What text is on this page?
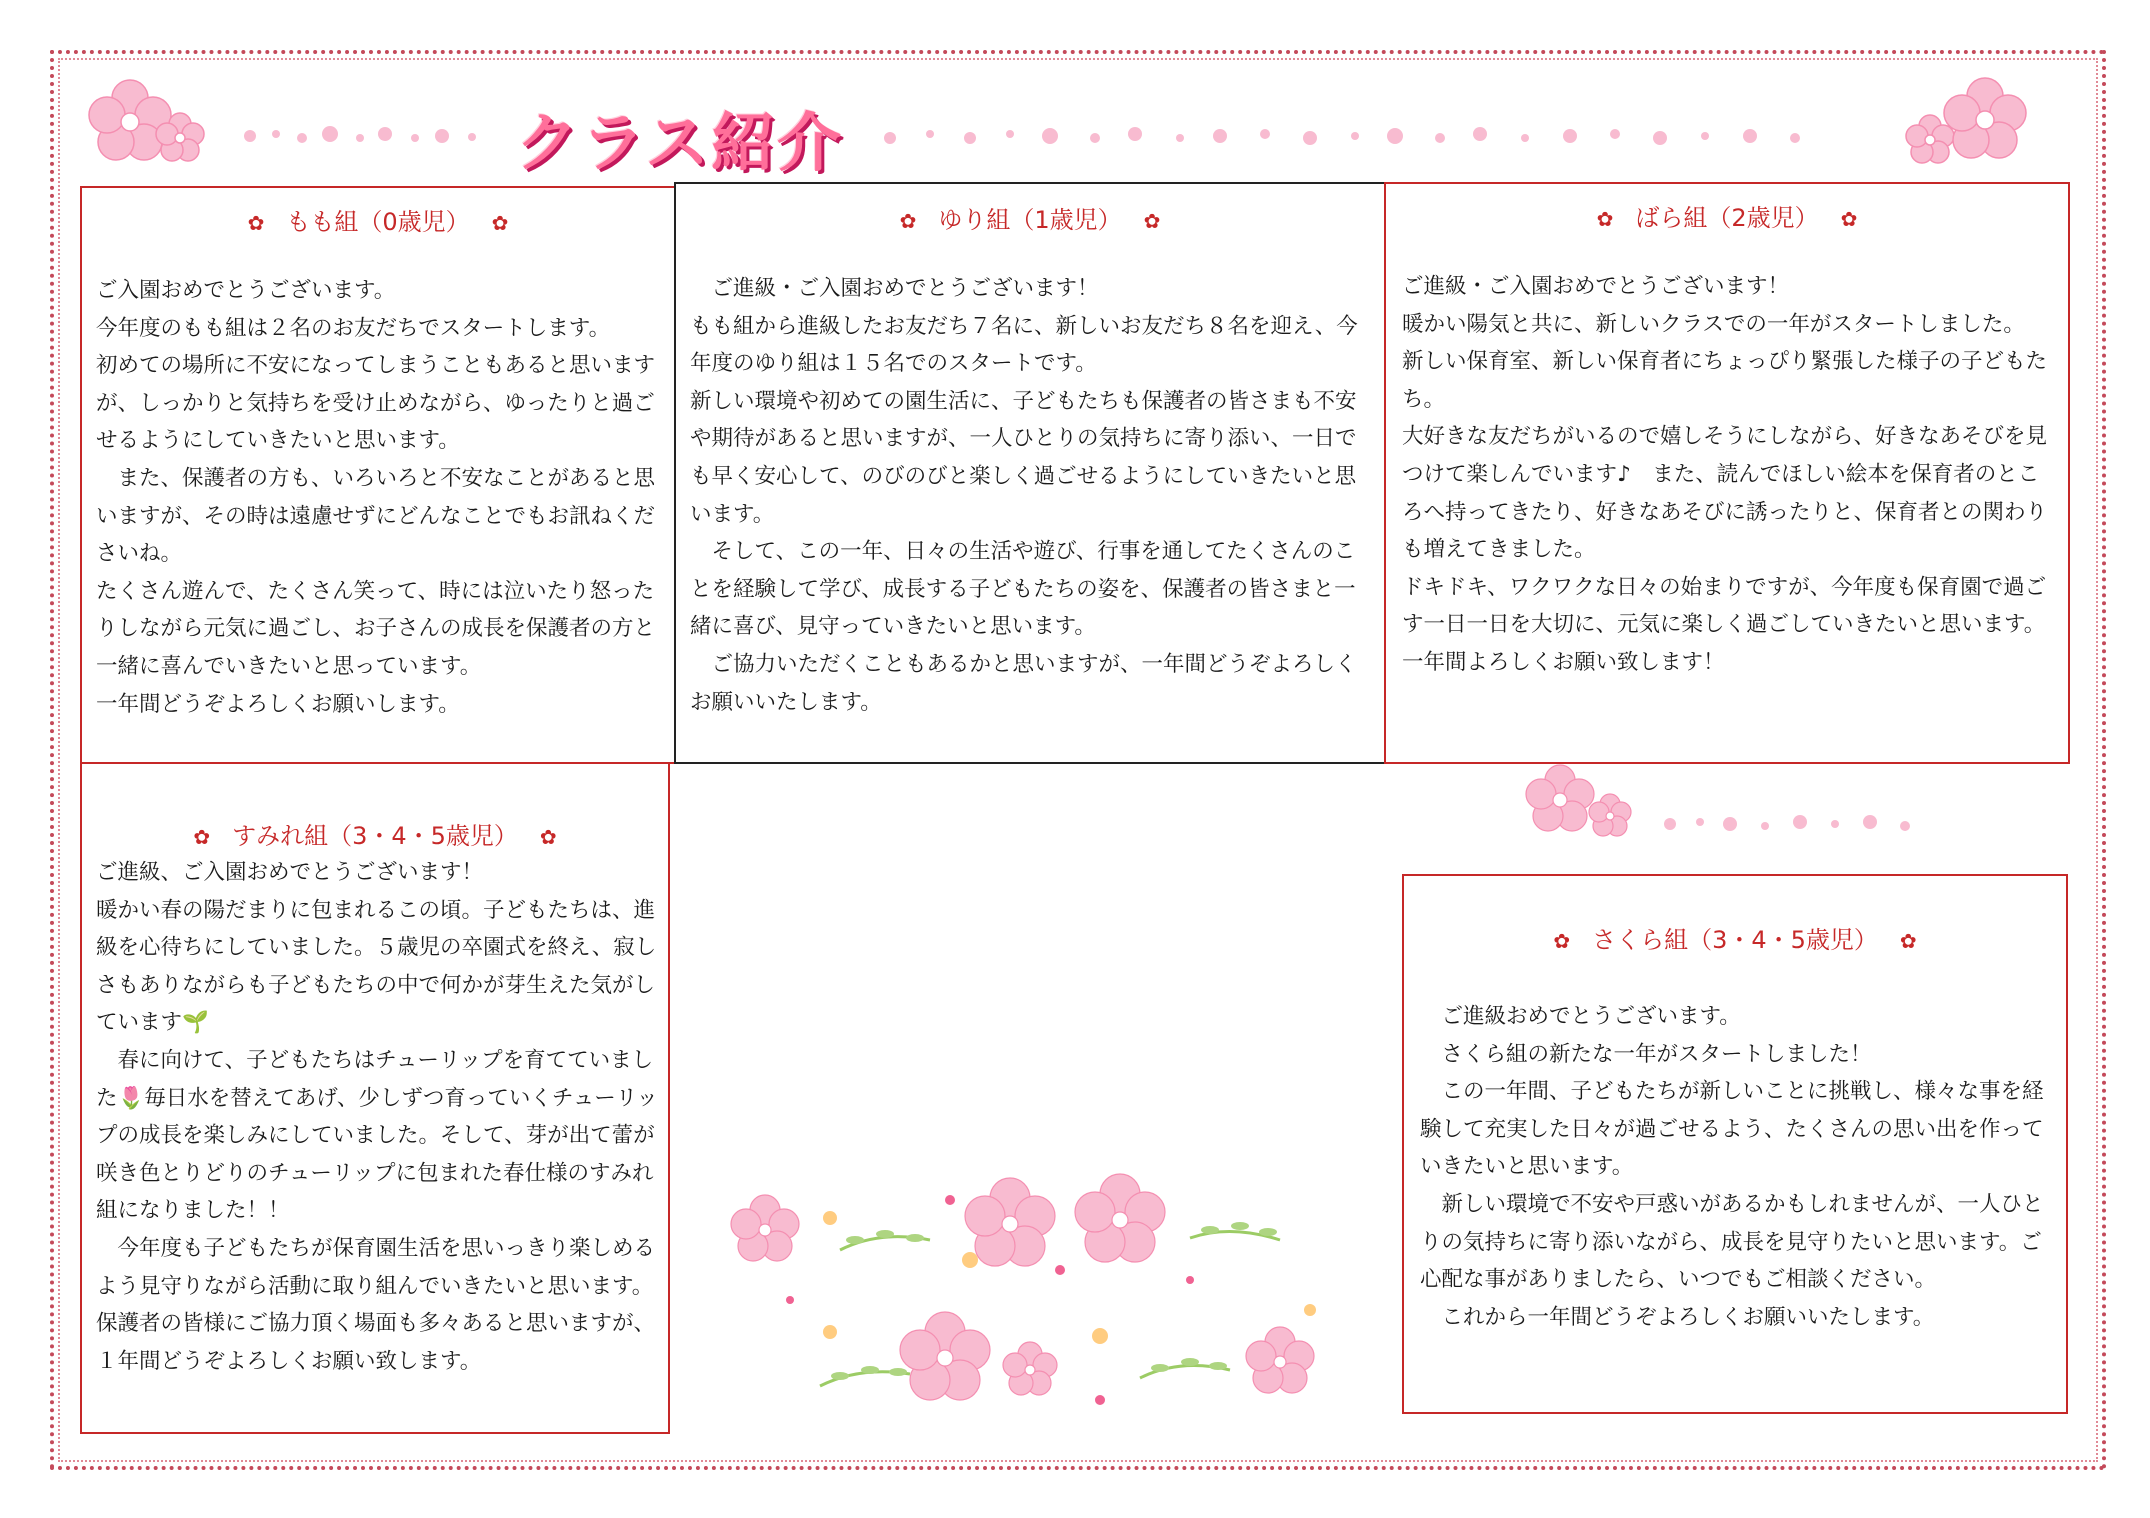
クラス紹介
✿ もも組（0歳児） ✿
ご入園おめでとうございます。
今年度のもも組は２名のお友だちでスタートします。
初めての場所に不安になってしまうこともあると思いますが、しっかりと気持ちを受け止めながら、ゆったりと過ごせるようにしていきたいと思います。
　また、保護者の方も、いろいろと不安なことがあると思いますが、その時は遠慮せずにどんなことでもお訊ねくださいね。
たくさん遊んで、たくさん笑って、時には泣いたり怒ったりしながら元気に過ごし、お子さんの成長を保護者の方と一緒に喜んでいきたいと思っています。
一年間どうぞよろしくお願いします。
✿ ゆり組（1歳児） ✿
　ご進級・ご入園おめでとうございます！
もも組から進級したお友だち７名に、新しいお友だち８名を迎え、今年度のゆり組は１５名でのスタートです。
新しい環境や初めての園生活に、子どもたちも保護者の皆さまも不安や期待があると思いますが、一人ひとりの気持ちに寄り添い、一日でも早く安心して、のびのびと楽しく過ごせるようにしていきたいと思います。
　そして、この一年、日々の生活や遊び、行事を通してたくさんのことを経験して学び、成長する子どもたちの姿を、保護者の皆さまと一緒に喜び、見守っていきたいと思います。
　ご協力いただくこともあるかと思いますが、一年間どうぞよろしくお願いいたします。
✿ ばら組（2歳児） ✿
ご進級・ご入園おめでとうございます！
暖かい陽気と共に、新しいクラスでの一年がスタートしました。
新しい保育室、新しい保育者にちょっぴり緊張した様子の子どもたち。
大好きな友だちがいるので嬉しそうにしながら、好きなあそびを見つけて楽しんでいます♪　また、読んでほしい絵本を保育者のところへ持ってきたり、好きなあそびに誘ったりと、保育者との関わりも増えてきました。
ドキドキ、ワクワクな日々の始まりですが、今年度も保育園で過ごす一日一日を大切に、元気に楽しく過ごしていきたいと思います。
一年間よろしくお願い致します！
✿ すみれ組（3・4・5歳児） ✿
ご進級、ご入園おめでとうございます！
暖かい春の陽だまりに包まれるこの頃。子どもたちは、進級を心待ちにしていました。５歳児の卒園式を終え、寂しさもありながらも子どもたちの中で何かが芽生えた気がしています🌱
　春に向けて、子どもたちはチューリップを育てていました🌷毎日水を替えてあげ、少しずつ育っていくチューリップの成長を楽しみにしていました。そして、芽が出て蕾が咲き色とりどりのチューリップに包まれた春仕様のすみれ組になりました！！
　今年度も子どもたちが保育園生活を思いっきり楽しめるよう見守りながら活動に取り組んでいきたいと思います。保護者の皆様にご協力頂く場面も多々あると思いますが、１年間どうぞよろしくお願い致します。
✿ さくら組（3・4・5歳児） ✿
　ご進級おめでとうございます。
　さくら組の新たな一年がスタートしました！
　この一年間、子どもたちが新しいことに挑戦し、様々な事を経験して充実した日々が過ごせるよう、たくさんの思い出を作っていきたいと思います。
　新しい環境で不安や戸惑いがあるかもしれませんが、一人ひとりの気持ちに寄り添いながら、成長を見守りたいと思います。ご心配な事がありましたら、いつでもご相談ください。
　これから一年間どうぞよろしくお願いいたします。
